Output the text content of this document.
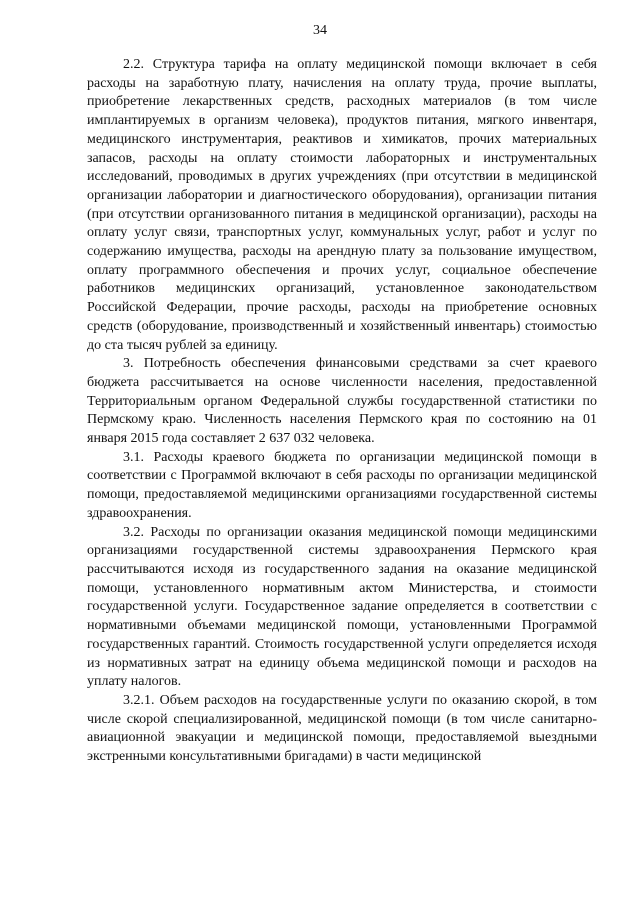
34

2.2. Структура тарифа на оплату медицинской помощи включает в себя расходы на заработную плату, начисления на оплату труда, прочие выплаты, приобретение лекарственных средств, расходных материалов (в том числе имплантируемых в организм человека), продуктов питания, мягкого инвентаря, медицинского инструментария, реактивов и химикатов, прочих материальных запасов, расходы на оплату стоимости лабораторных и инструментальных исследований, проводимых в других учреждениях (при отсутствии в медицинской организации лаборатории и диагностического оборудования), организации питания (при отсутствии организованного питания в медицинской организации), расходы на оплату услуг связи, транспортных услуг, коммунальных услуг, работ и услуг по содержанию имущества, расходы на арендную плату за пользование имуществом, оплату программного обеспечения и прочих услуг, социальное обеспечение работников медицинских организаций, установленное законодательством Российской Федерации, прочие расходы, расходы на приобретение основных средств (оборудование, производственный и хозяйственный инвентарь) стоимостью до ста тысяч рублей за единицу.

3. Потребность обеспечения финансовыми средствами за счет краевого бюджета рассчитывается на основе численности населения, предоставленной Территориальным органом Федеральной службы государственной статистики по Пермскому краю. Численность населения Пермского края по состоянию на 01 января 2015 года составляет 2 637 032 человека.

3.1. Расходы краевого бюджета по организации медицинской помощи в соответствии с Программой включают в себя расходы по организации медицинской помощи, предоставляемой медицинскими организациями государственной системы здравоохранения.

3.2. Расходы по организации оказания медицинской помощи медицинскими организациями государственной системы здравоохранения Пермского края рассчитываются исходя из государственного задания на оказание медицинской помощи, установленного нормативным актом Министерства, и стоимости государственной услуги. Государственное задание определяется в соответствии с нормативными объемами медицинской помощи, установленными Программой государственных гарантий. Стоимость государственной услуги определяется исходя из нормативных затрат на единицу объема медицинской помощи и расходов на уплату налогов.

3.2.1. Объем расходов на государственные услуги по оказанию скорой, в том числе скорой специализированной, медицинской помощи (в том числе санитарно-авиационной эвакуации и медицинской помощи, предоставляемой выездными экстренными консультативными бригадами) в части медицинской
